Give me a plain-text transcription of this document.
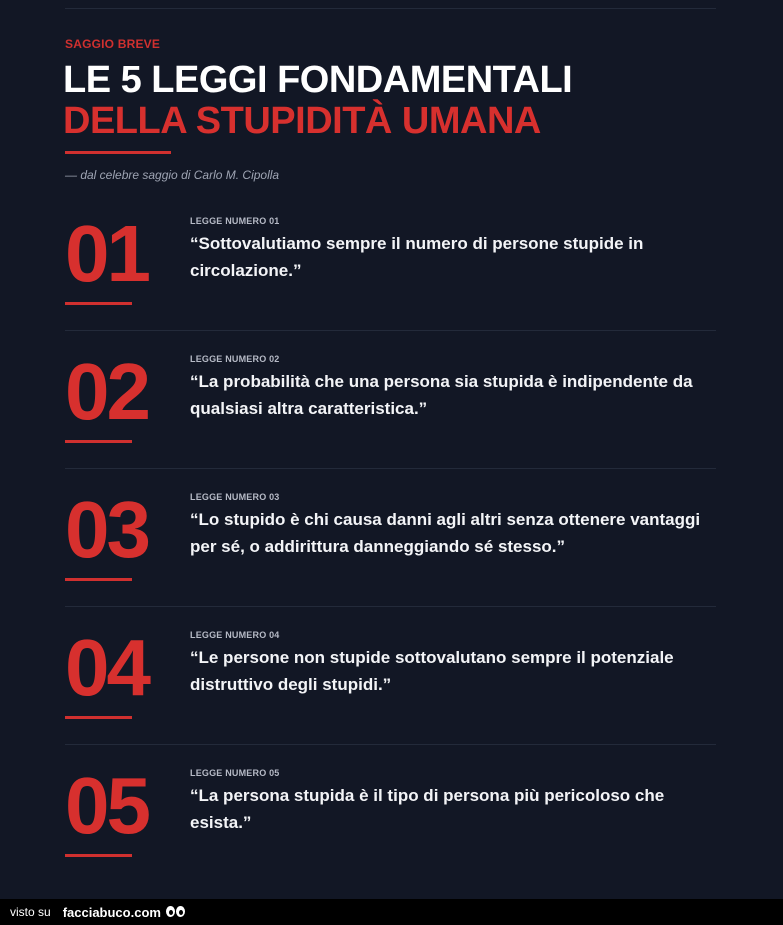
SAGGIO BREVE
LE 5 LEGGI FONDAMENTALI
DELLA STUPIDITÀ UMANA
— dal celebre saggio di Carlo M. Cipolla
01	LEGGE NUMERO 01
“Sottovalutiamo sempre il numero di persone stupide in circolazione.”
02	LEGGE NUMERO 02
“La probabilità che una persona sia stupida è indipendente da qualsiasi altra caratteristica.”
03	LEGGE NUMERO 03
“Lo stupido è chi causa danni agli altri senza ottenere vantaggi per sé, o addirittura danneggiando sé stesso.”
04	LEGGE NUMERO 04
“Le persone non stupide sottovalutano sempre il potenziale distruttivo degli stupidi.”
05	LEGGE NUMERO 05
“La persona stupida è il tipo di persona più pericoloso che esista.”
visto su facciabuco.com
